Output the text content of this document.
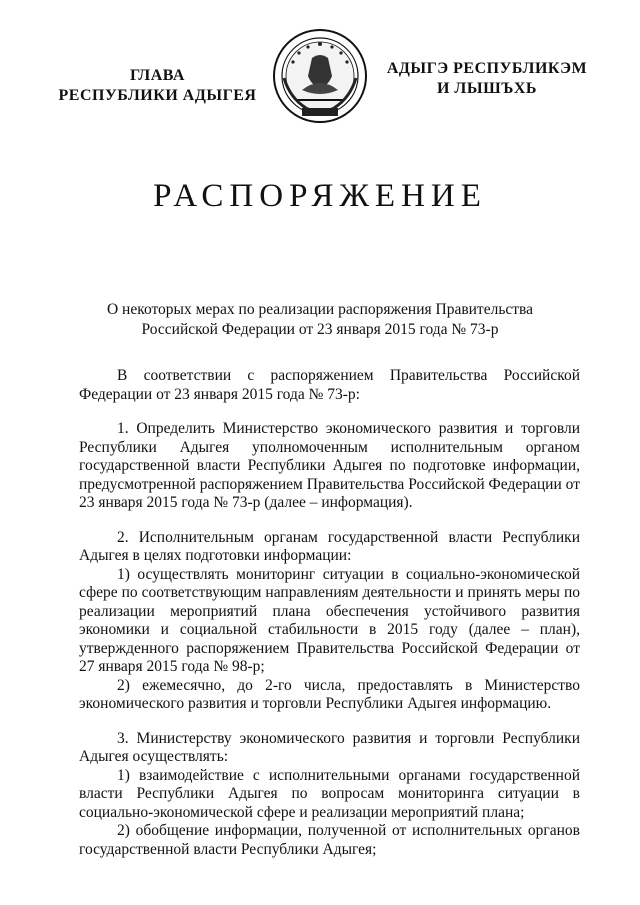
ГЛАВА
РЕСПУБЛИКИ АДЫГЕЯ
АДЫГЭ РЕСПУБЛИКЭМ
И ЛЫШЪХЬ
РАСПОРЯЖЕНИЕ
О некоторых мерах по реализации распоряжения Правительства
Российской Федерации от 23 января 2015 года № 73-р

В соответствии с распоряжением Правительства Российской Федерации от 23 января 2015 года № 73-р:

1. Определить Министерство экономического развития и торговли Республики Адыгея уполномоченным исполнительным органом государственной власти Республики Адыгея по подготовке информации, предусмотренной распоряжением Правительства Российской Федерации от 23 января 2015 года № 73-р (далее – информация).

2. Исполнительным органам государственной власти Республики Адыгея в целях подготовки информации:

1) осуществлять мониторинг ситуации в социально-экономической сфере по соответствующим направлениям деятельности и принять меры по реализации мероприятий плана обеспечения устойчивого развития экономики и социальной стабильности в 2015 году (далее – план), утвержденного распоряжением Правительства Российской Федерации от 27 января 2015 года № 98-р;

2) ежемесячно, до 2-го числа, предоставлять в Министерство экономического развития и торговли Республики Адыгея информацию.

3. Министерству экономического развития и торговли Республики Адыгея осуществлять:

1) взаимодействие с исполнительными органами государственной власти Республики Адыгея по вопросам мониторинга ситуации в социально-экономической сфере и реализации мероприятий плана;

2) обобщение информации, полученной от исполнительных органов государственной власти Республики Адыгея;
